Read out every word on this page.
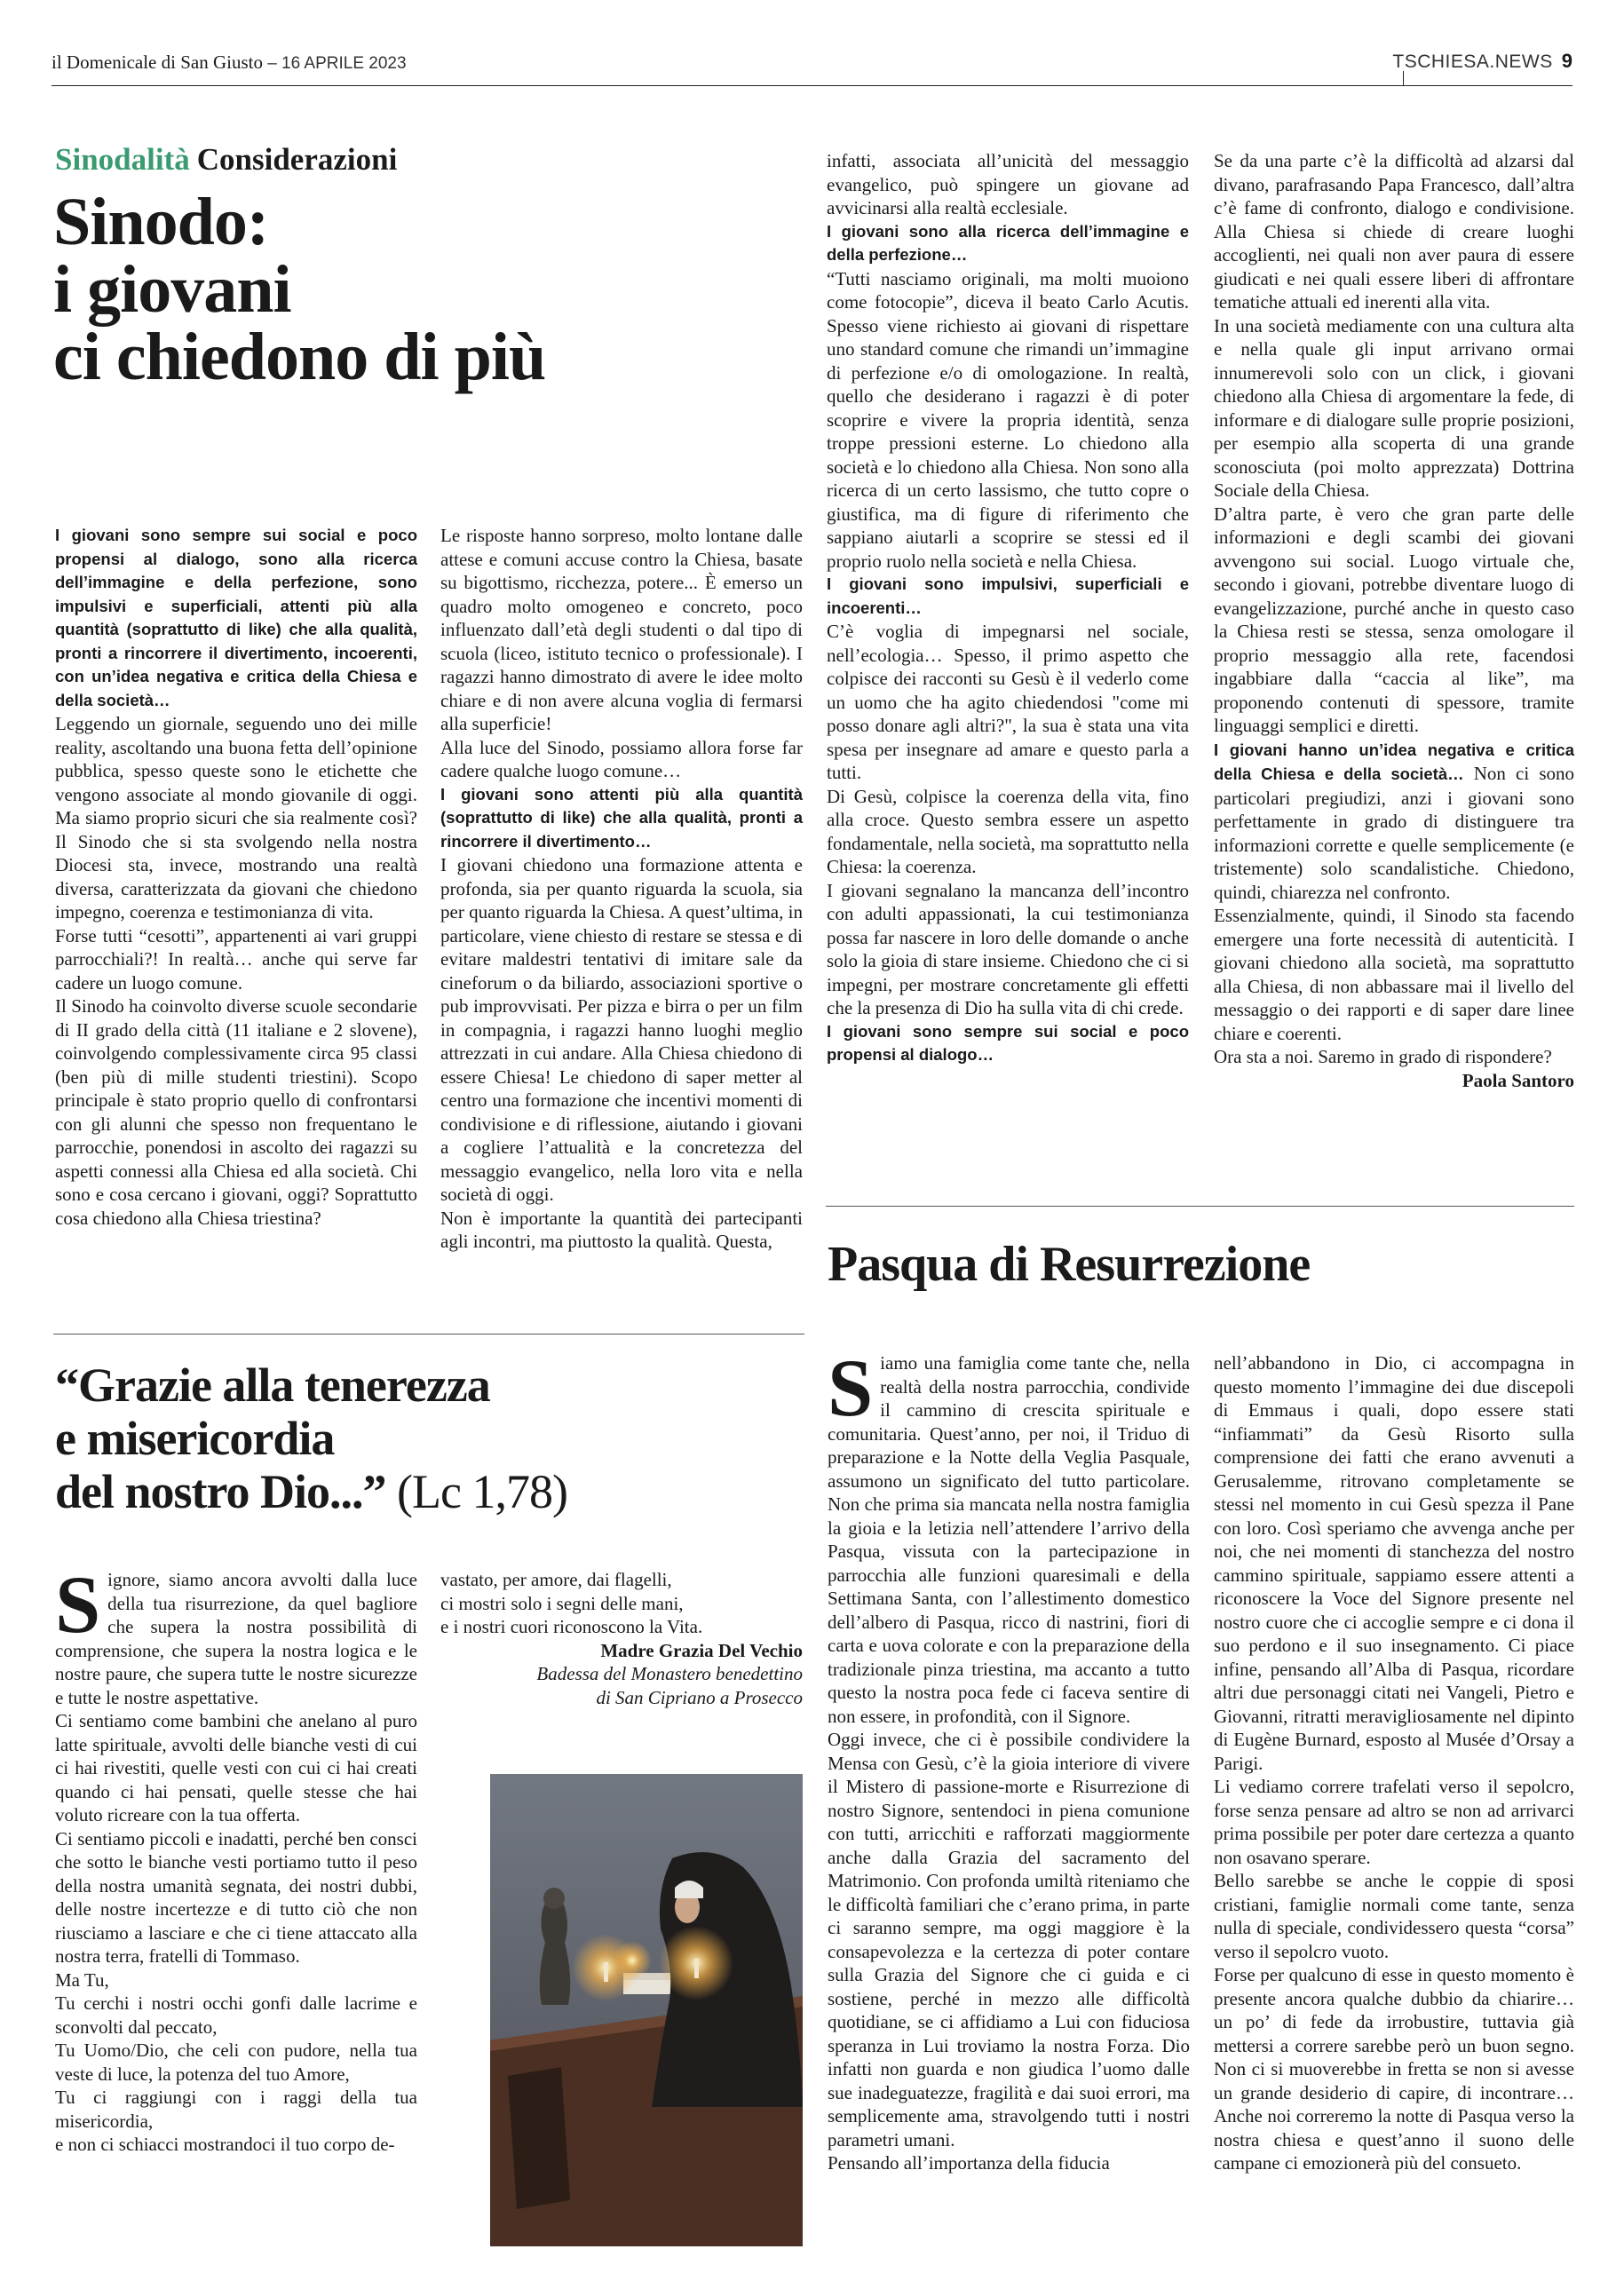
il Domenicale di San Giusto – 16 APRILE 2023	TSCHIESA.NEWS 9
Sinodalità Considerazioni
Sinodo:
i giovani
ci chiedono di più

I giovani sono sempre sui social e poco propensi al dialogo, sono alla ricerca dell’immagine e della perfezione, sono impulsivi e superficiali, attenti più alla quantità (soprattutto di like) che alla qualità, pronti a rincorrere il divertimento, incoerenti, con un’idea negativa e critica della Chiesa e della società…

Leggendo un giornale, seguendo uno dei mille reality, ascoltando una buona fetta dell’opinione pubblica, spesso queste sono le etichette che vengono associate al mondo giovanile di oggi. Ma siamo proprio sicuri che sia realmente così? Il Sinodo che si sta svolgendo nella nostra Diocesi sta, invece, mostrando una realtà diversa, caratterizzata da giovani che chiedono impegno, coerenza e testimonianza di vita.

Forse tutti “cesotti”, appartenenti ai vari gruppi parrocchiali?! In realtà… anche qui serve far cadere un luogo comune.

Il Sinodo ha coinvolto diverse scuole secondarie di II grado della città (11 italiane e 2 slovene), coinvolgendo complessivamente circa 95 classi (ben più di mille studenti triestini). Scopo principale è stato proprio quello di confrontarsi con gli alunni che spesso non frequentano le parrocchie, ponendosi in ascolto dei ragazzi su aspetti connessi alla Chiesa ed alla società. Chi sono e cosa cercano i giovani, oggi? Soprattutto cosa chiedono alla Chiesa triestina?

Le risposte hanno sorpreso, molto lontane dalle attese e comuni accuse contro la Chiesa, basate su bigottismo, ricchezza, potere... È emerso un quadro molto omogeneo e concreto, poco influenzato dall’età degli studenti o dal tipo di scuola (liceo, istituto tecnico o professionale). I ragazzi hanno dimostrato di avere le idee molto chiare e di non avere alcuna voglia di fermarsi alla superficie!

Alla luce del Sinodo, possiamo allora forse far cadere qualche luogo comune…

I giovani sono attenti più alla quantità (soprattutto di like) che alla qualità, pronti a rincorrere il divertimento…

I giovani chiedono una formazione attenta e profonda, sia per quanto riguarda la scuola, sia per quanto riguarda la Chiesa. A quest’ultima, in particolare, viene chiesto di restare se stessa e di evitare maldestri tentativi di imitare sale da cineforum o da biliardo, associazioni sportive o pub improvvisati. Per pizza e birra o per un film in compagnia, i ragazzi hanno luoghi meglio attrezzati in cui andare. Alla Chiesa chiedono di essere Chiesa! Le chiedono di saper metter al centro una formazione che incentivi momenti di condivisione e di riflessione, aiutando i giovani a cogliere l’attualità e la concretezza del messaggio evangelico, nella loro vita e nella società di oggi.

Non è importante la quantità dei partecipanti agli incontri, ma piuttosto la qualità. Questa,

infatti, associata all’unicità del messaggio evangelico, può spingere un giovane ad avvicinarsi alla realtà ecclesiale.

I giovani sono alla ricerca dell’immagine e della perfezione…

“Tutti nasciamo originali, ma molti muoiono come fotocopie”, diceva il beato Carlo Acutis. Spesso viene richiesto ai giovani di rispettare uno standard comune che rimandi un’immagine di perfezione e/o di omologazione. In realtà, quello che desiderano i ragazzi è di poter scoprire e vivere la propria identità, senza troppe pressioni esterne. Lo chiedono alla società e lo chiedono alla Chiesa. Non sono alla ricerca di un certo lassismo, che tutto copre o giustifica, ma di figure di riferimento che sappiano aiutarli a scoprire se stessi ed il proprio ruolo nella società e nella Chiesa.

I giovani sono impulsivi, superficiali e incoerenti…

C’è voglia di impegnarsi nel sociale, nell’ecologia… Spesso, il primo aspetto che colpisce dei racconti su Gesù è il vederlo come un uomo che ha agito chiedendosi "come mi posso donare agli altri?", la sua è stata una vita spesa per insegnare ad amare e questo parla a tutti.

Di Gesù, colpisce la coerenza della vita, fino alla croce. Questo sembra essere un aspetto fondamentale, nella società, ma soprattutto nella Chiesa: la coerenza.

I giovani segnalano la mancanza dell’incontro con adulti appassionati, la cui testimonianza possa far nascere in loro delle domande o anche solo la gioia di stare insieme. Chiedono che ci si impegni, per mostrare concretamente gli effetti che la presenza di Dio ha sulla vita di chi crede.

I giovani sono sempre sui social e poco propensi al dialogo…

Se da una parte c’è la difficoltà ad alzarsi dal divano, parafrasando Papa Francesco, dall’altra c’è fame di confronto, dialogo e condivisione. Alla Chiesa si chiede di creare luoghi accoglienti, nei quali non aver paura di essere giudicati e nei quali essere liberi di affrontare tematiche attuali ed inerenti alla vita.

In una società mediamente con una cultura alta e nella quale gli input arrivano ormai innumerevoli solo con un click, i giovani chiedono alla Chiesa di argomentare la fede, di informare e di dialogare sulle proprie posizioni, per esempio alla scoperta di una grande sconosciuta (poi molto apprezzata) Dottrina Sociale della Chiesa.

D’altra parte, è vero che gran parte delle informazioni e degli scambi dei giovani avvengono sui social. Luogo virtuale che, secondo i giovani, potrebbe diventare luogo di evangelizzazione, purché anche in questo caso la Chiesa resti se stessa, senza omologare il proprio messaggio alla rete, facendosi ingabbiare dalla “caccia al like”, ma proponendo contenuti di spessore, tramite linguaggi semplici e diretti.

I giovani hanno un’idea negativa e critica della Chiesa e della società… Non ci sono particolari pregiudizi, anzi i giovani sono perfettamente in grado di distinguere tra informazioni corrette e quelle semplicemente (e tristemente) solo scandalistiche. Chiedono, quindi, chiarezza nel confronto.

Essenzialmente, quindi, il Sinodo sta facendo emergere una forte necessità di autenticità. I giovani chiedono alla società, ma soprattutto alla Chiesa, di non abbassare mai il livello del messaggio o dei rapporti e di saper dare linee chiare e coerenti.

Ora sta a noi. Saremo in grado di rispondere?

Paola Santoro

Pasqua di Resurrezione
“Grazie alla tenerezza
e misericordia
del nostro Dio...” (Lc 1,78)

Signore, siamo ancora avvolti dalla luce della tua risurrezione, da quel bagliore che supera la nostra possibilità di comprensione, che supera la nostra logica e le nostre paure, che supera tutte le nostre sicurezze e tutte le nostre aspettative.

Ci sentiamo come bambini che anelano al puro latte spirituale, avvolti delle bianche vesti di cui ci hai rivestiti, quelle vesti con cui ci hai creati quando ci hai pensati, quelle stesse che hai voluto ricreare con la tua offerta.

Ci sentiamo piccoli e inadatti, perché ben consci che sotto le bianche vesti portiamo tutto il peso della nostra umanità segnata, dei nostri dubbi, delle nostre incertezze e di tutto ciò che non riusciamo a lasciare e che ci tiene attaccato alla nostra terra, fratelli di Tommaso.

Ma Tu,

Tu cerchi i nostri occhi gonfi dalle lacrime e sconvolti dal peccato,

Tu Uomo/Dio, che celi con pudore, nella tua veste di luce, la potenza del tuo Amore,

Tu ci raggiungi con i raggi della tua misericordia,

e non ci schiacci mostrandoci il tuo corpo de-

vastato, per amore, dai flagelli,

ci mostri solo i segni delle mani,

e i nostri cuori riconoscono la Vita.

Madre Grazia Del Vechio

Badessa del Monastero benedettino

di San Cipriano a Prosecco

Siamo una famiglia come tante che, nella realtà della nostra parrocchia, condivide il cammino di crescita spirituale e comunitaria. Quest’anno, per noi, il Triduo di preparazione e la Notte della Veglia Pasquale, assumono un significato del tutto particolare. Non che prima sia mancata nella nostra famiglia la gioia e la letizia nell’attendere l’arrivo della Pasqua, vissuta con la partecipazione in parrocchia alle funzioni quaresimali e della Settimana Santa, con l’allestimento domestico dell’albero di Pasqua, ricco di nastrini, fiori di carta e uova colorate e con la preparazione della tradizionale pinza triestina, ma accanto a tutto questo la nostra poca fede ci faceva sentire di non essere, in profondità, con il Signore.

Oggi invece, che ci è possibile condividere la Mensa con Gesù, c’è la gioia interiore di vivere il Mistero di passione-morte e Risurrezione di nostro Signore, sentendoci in piena comunione con tutti, arricchiti e rafforzati maggiormente anche dalla Grazia del sacramento del Matrimonio. Con profonda umiltà riteniamo che le difficoltà familiari che c’erano prima, in parte ci saranno sempre, ma oggi maggiore è la consapevolezza e la certezza di poter contare sulla Grazia del Signore che ci guida e ci sostiene, perché in mezzo alle difficoltà quotidiane, se ci affidiamo a Lui con fiduciosa speranza in Lui troviamo la nostra Forza. Dio infatti non guarda e non giudica l’uomo dalle sue inadeguatezze, fragilità e dai suoi errori, ma semplicemente ama, stravolgendo tutti i nostri parametri umani.

Pensando all’importanza della fiducia

nell’abbandono in Dio, ci accompagna in questo momento l’immagine dei due discepoli di Emmaus i quali, dopo essere stati “infiammati” da Gesù Risorto sulla comprensione dei fatti che erano avvenuti a Gerusalemme, ritrovano completamente se stessi nel momento in cui Gesù spezza il Pane con loro. Così speriamo che avvenga anche per noi, che nei momenti di stanchezza del nostro cammino spirituale, sappiamo essere attenti a riconoscere la Voce del Signore presente nel nostro cuore che ci accoglie sempre e ci dona il suo perdono e il suo insegnamento. Ci piace infine, pensando all’Alba di Pasqua, ricordare altri due personaggi citati nei Vangeli, Pietro e Giovanni, ritratti meravigliosamente nel dipinto di Eugène Burnard, esposto al Musée d’Orsay a Parigi.

Li vediamo correre trafelati verso il sepolcro, forse senza pensare ad altro se non ad arrivarci prima possibile per poter dare certezza a quanto non osavano sperare.

Bello sarebbe se anche le coppie di sposi cristiani, famiglie normali come tante, senza nulla di speciale, condividessero questa “corsa” verso il sepolcro vuoto.

Forse per qualcuno di esse in questo momento è presente ancora qualche dubbio da chiarire… un po’ di fede da irrobustire, tuttavia già mettersi a correre sarebbe però un buon segno. Non ci si muoverebbe in fretta se non si avesse un grande desiderio di capire, di incontrare… Anche noi correremo la notte di Pasqua verso la nostra chiesa e quest’anno il suono delle campane ci emozionerà più del consueto.
